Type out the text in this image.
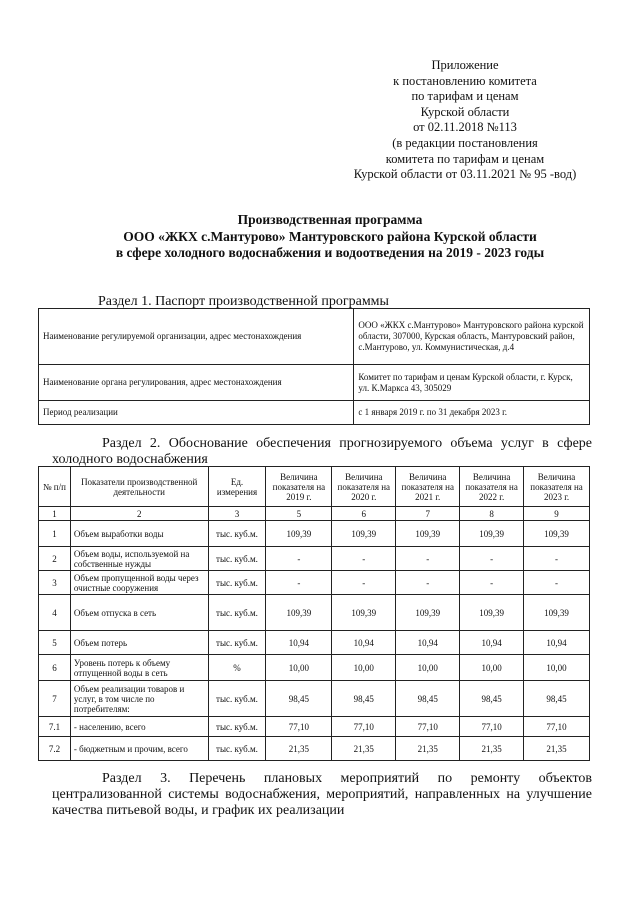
Приложение
к постановлению комитета
по тарифам и ценам
Курской области
от 02.11.2018 №113
(в редакции постановления
комитета по тарифам и ценам
Курской области от 03.11.2021 № 95 -вод)
Производственная программа
ООО «ЖКХ с.Мантурово» Мантуровского района Курской области
в сфере холодного водоснабжения и водоотведения на 2019 - 2023 годы
Раздел 1. Паспорт производственной программы
Наименование регулируемой организации, адрес местонахождения	ООО «ЖКХ с.Мантурово» Мантуровского района курской области, 307000, Курская область, Мантуровский район, с.Мантурово, ул. Коммунистическая, д.4
Наименование органа регулирования, адрес местонахождения	Комитет по тарифам и ценам Курской области, г. Курск, ул. К.Маркса 43, 305029
Период реализации	с 1 января 2019 г. по 31 декабря 2023 г.
Раздел 2. Обоснование обеспечения прогнозируемого объема услуг в сфере холодного водоснабжения
№ п/п	Показатели производственной деятельности	Ед. измерения	Величина показателя на 2019 г.	Величина показателя на 2020 г.	Величина показателя на 2021 г.	Величина показателя на 2022 г.	Величина показателя на 2023 г.
1	2	3	5	6	7	8	9
1	Объем выработки воды	тыс. куб.м.	109,39	109,39	109,39	109,39	109,39
2	Объем воды, используемой на собственные нужды	тыс. куб.м.	-	-	-	-	-
3	Объем пропущенной воды через очистные сооружения	тыс. куб.м.	-	-	-	-	-
4	Объем отпуска в сеть	тыс. куб.м.	109,39	109,39	109,39	109,39	109,39
5	Объем потерь	тыс. куб.м.	10,94	10,94	10,94	10,94	10,94
6	Уровень потерь к объему отпущенной воды в сеть	%	10,00	10,00	10,00	10,00	10,00
7	Объем реализации товаров и услуг, в том числе по потребителям:	тыс. куб.м.	98,45	98,45	98,45	98,45	98,45
7.1	- населению, всего	тыс. куб.м.	77,10	77,10	77,10	77,10	77,10
7.2	- бюджетным и прочим, всего	тыс. куб.м.	21,35	21,35	21,35	21,35	21,35
Раздел 3. Перечень плановых мероприятий по ремонту объектов централизованной системы водоснабжения, мероприятий, направленных на улучшение качества питьевой воды, и график их реализации
